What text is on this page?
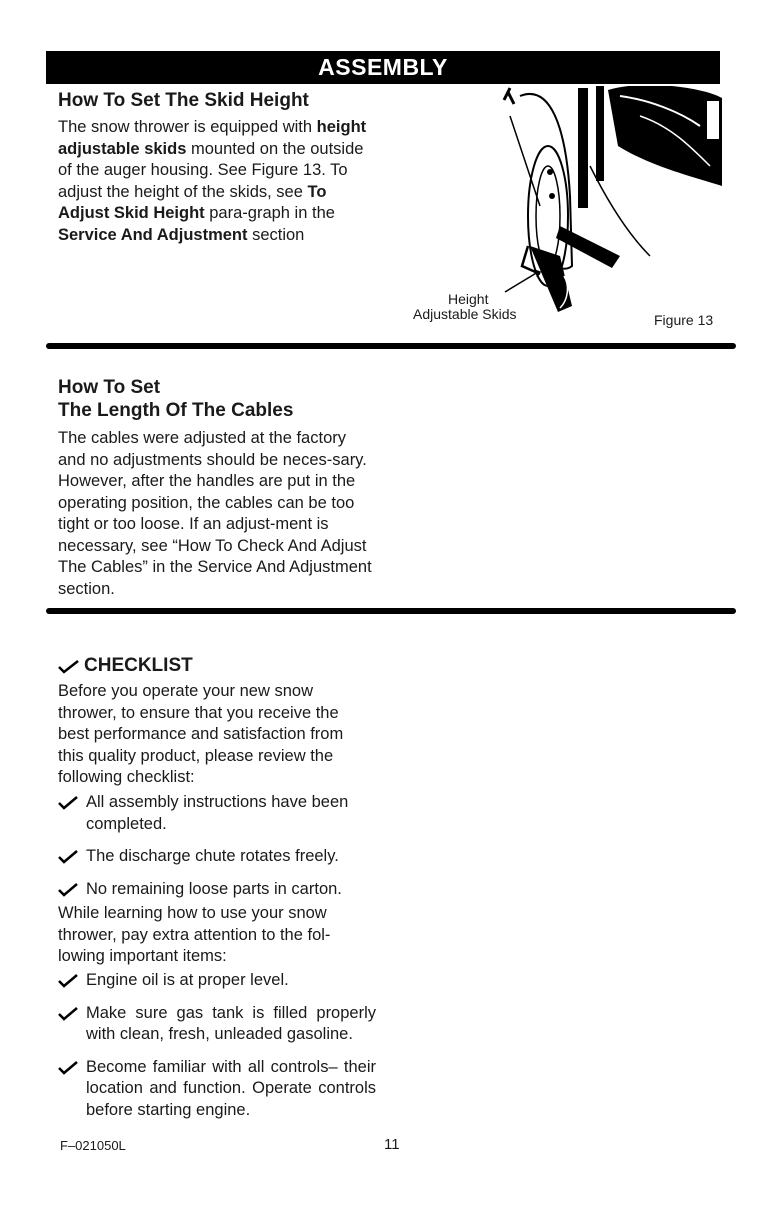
ASSEMBLY
How To Set The Skid Height

The snow thrower is equipped with height adjustable skids mounted on the outside of the auger housing. See Figure 13. To adjust the height of the skids, see To Adjust Skid Height para-graph in the Service And Adjustment section

Height
Adjustable Skids	Figure 13
How To Set
The Length Of The Cables

The cables were adjusted at the factory and no adjustments should be neces-sary. However, after the handles are put in the operating position, the cables can be too tight or too loose. If an adjust-ment is necessary, see “How To Check And Adjust The Cables” in the Service And Adjustment section.

CHECKLIST

Before you operate your new snow thrower, to ensure that you receive the best performance and satisfaction from this quality product, please review the following checklist:

All assembly instructions have been completed.
The discharge chute rotates freely.
No remaining loose parts in carton.

While learning how to use your snow thrower, pay extra attention to the fol-lowing important items:

Engine oil is at proper level.
Make sure gas tank is filled properly with clean, fresh, unleaded gasoline.
Become familiar with all controls– their location and function. Operate controls before starting engine.
F–021050L	11
